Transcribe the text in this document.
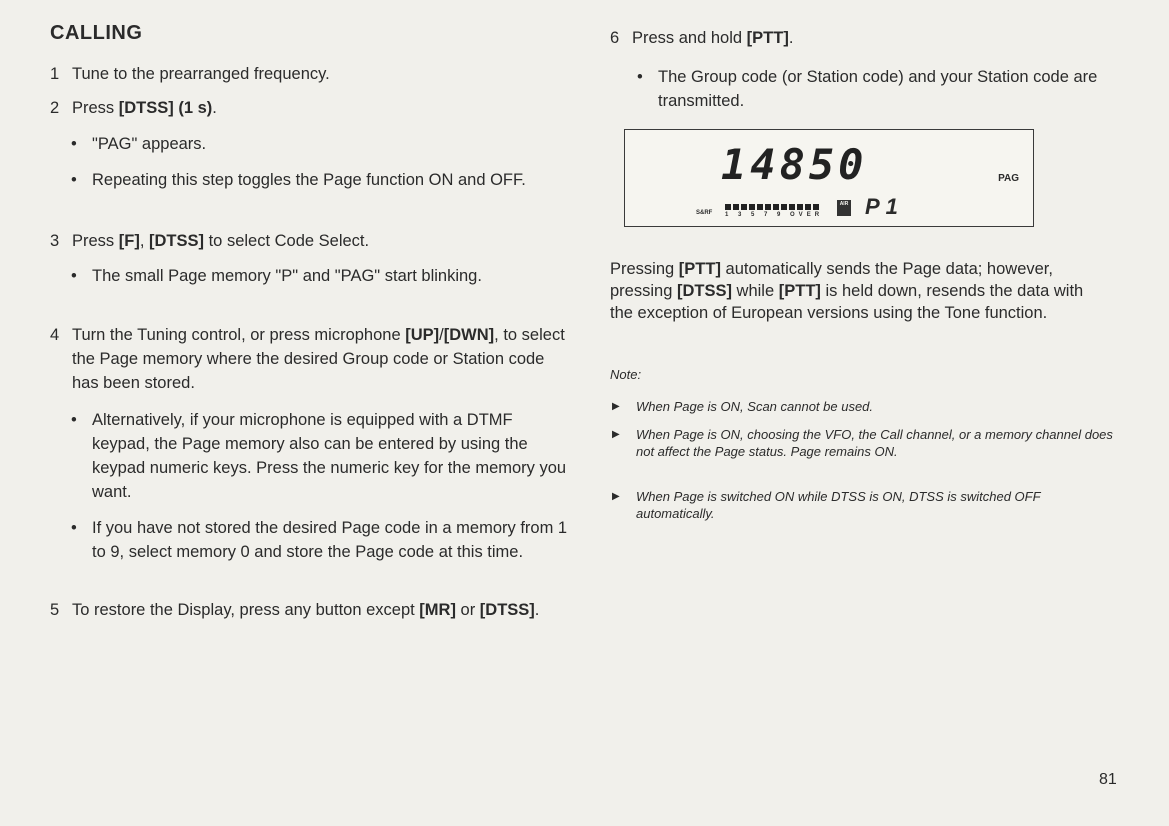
CALLING
1 Tune to the prearranged frequency.
2 Press [DTSS] (1 s).
• "PAG" appears.
• Repeating this step toggles the Page function ON and OFF.
3 Press [F], [DTSS] to select Code Select.
• The small Page memory "P" and "PAG" start blinking.
4 Turn the Tuning control, or press microphone [UP]/[DWN], to select the Page memory where the desired Group code or Station code has been stored.
• Alternatively, if your microphone is equipped with a DTMF keypad, the Page memory also can be entered by using the keypad numeric keys. Press the numeric key for the memory you want.
• If you have not stored the desired Page code in a memory from 1 to 9, select memory 0 and store the Page code at this time.
5 To restore the Display, press any button except [MR] or [DTSS].
6 Press and hold [PTT].
• The Group code (or Station code) and your Station code are transmitted.
14850	PAG
S&RF 1 3 5 7 9 OVER
AIR P1
Pressing [PTT] automatically sends the Page data; however, pressing [DTSS] while [PTT] is held down, resends the data with the exception of European versions using the Tone function.
Note:
▶ When Page is ON, Scan cannot be used.
▶ When Page is ON, choosing the VFO, the Call channel, or a memory channel does not affect the Page status. Page remains ON.
▶ When Page is switched ON while DTSS is ON, DTSS is switched OFF automatically.
81
